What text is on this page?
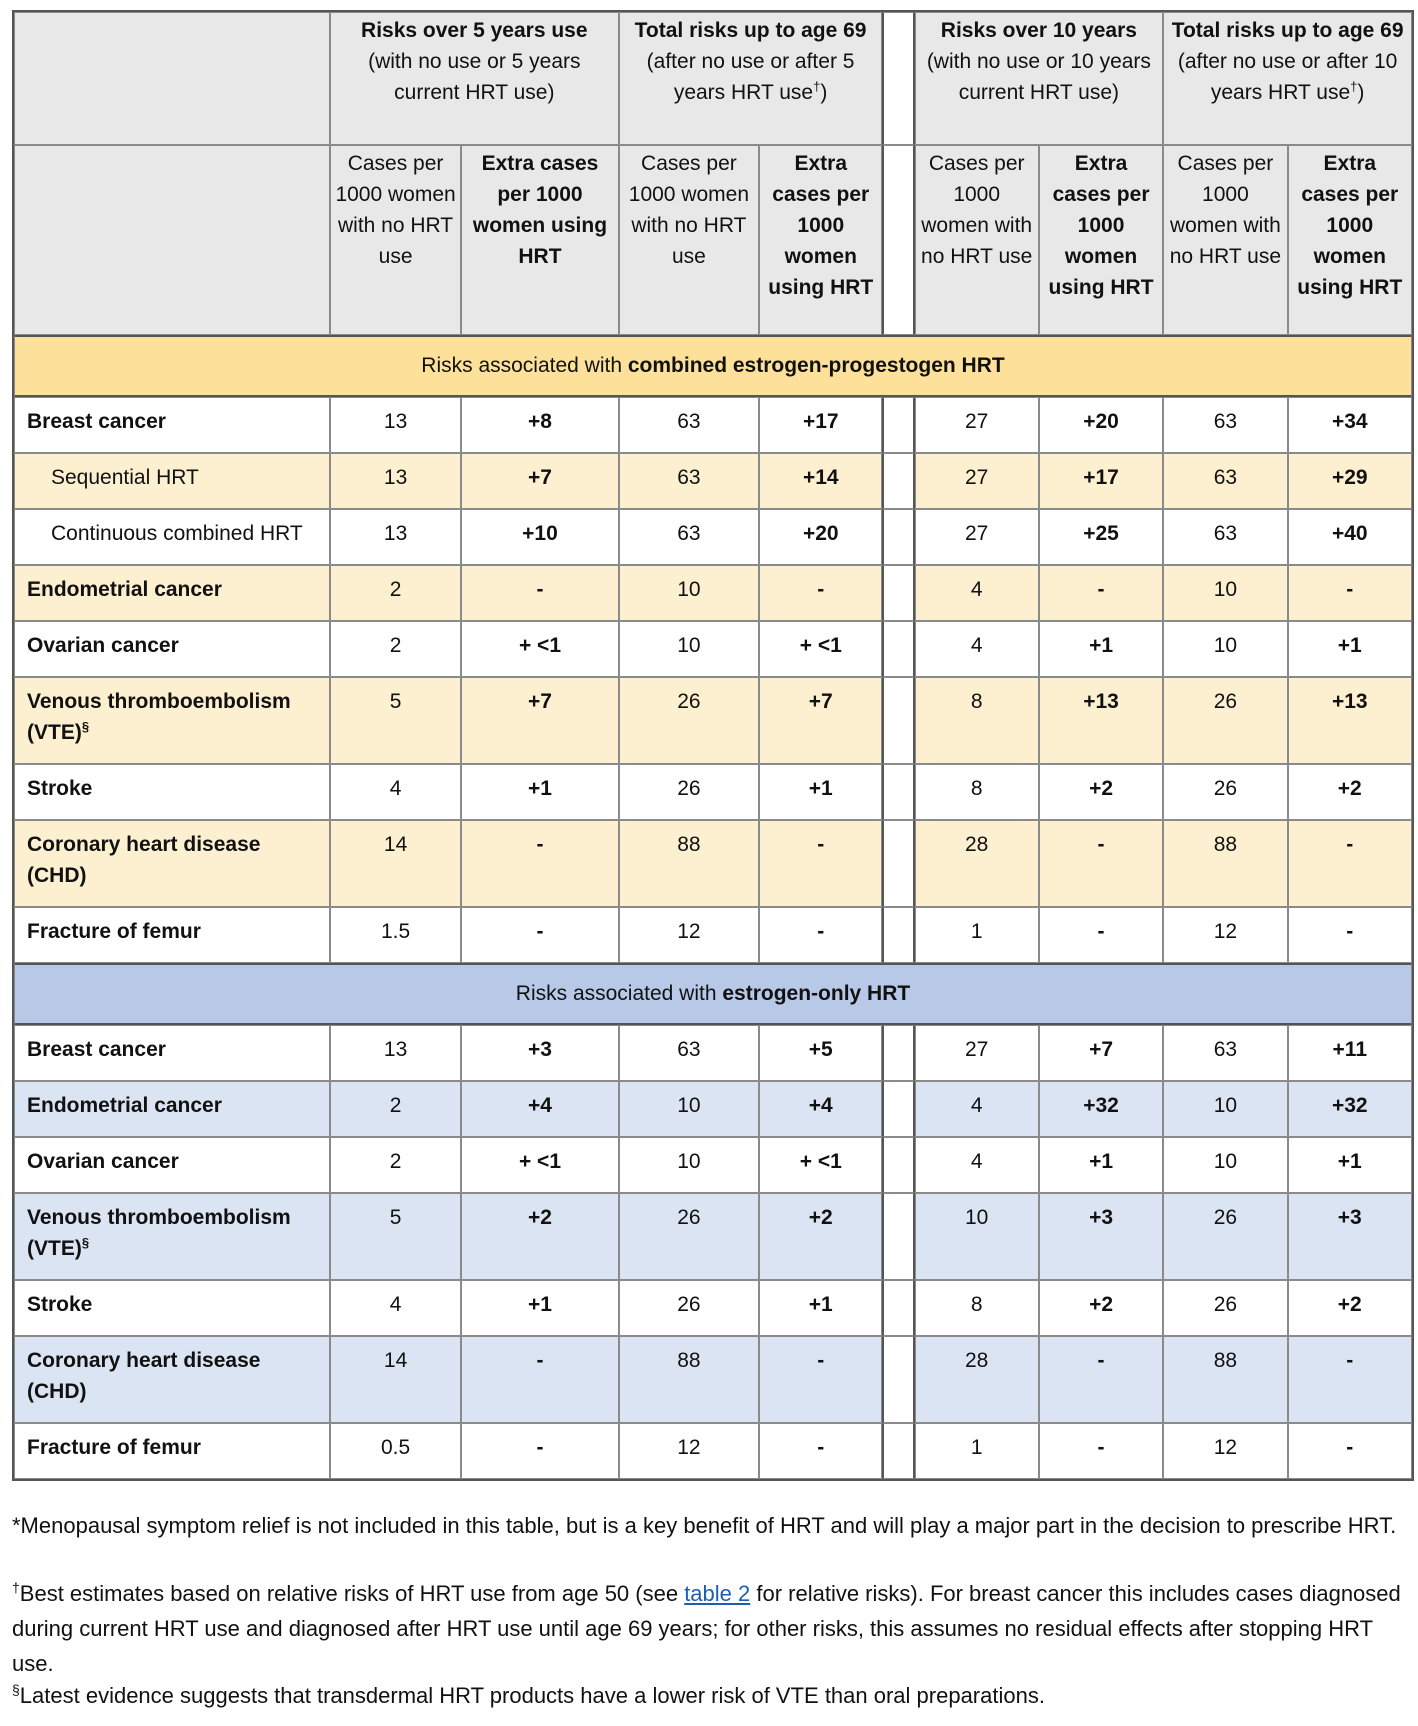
	Risks over 5 years use
(with no use or 5 years current HRT use)		Total risks up to age 69
(after no use or after 5 years HRT use†)			Risks over 10 years
(with no use or 10 years current HRT use)		Total risks up to age 69
(after no use or after 10 years HRT use†)	
	Cases per 1000 women with no HRT use	Extra cases per 1000 women using HRT	Cases per 1000 women with no HRT use	Extra cases per 1000 women using HRT		Cases per 1000 women with no HRT use	Extra cases per 1000 women using HRT	Cases per 1000 women with no HRT use	Extra cases per 1000 women using HRT
Risks associated with combined estrogen-progestogen HRT									
Breast cancer	13	+8	63	+17		27	+20	63	+34
Sequential HRT	13	+7	63	+14		27	+17	63	+29
Continuous combined HRT	13	+10	63	+20		27	+25	63	+40
Endometrial cancer	2	-	10	-		4	-	10	-
Ovarian cancer	2	+ <1	10	+ <1		4	+1	10	+1
Venous thromboembolism (VTE)§	5	+7	26	+7		8	+13	26	+13
Stroke	4	+1	26	+1		8	+2	26	+2
Coronary heart disease (CHD)	14	-	88	-		28	-	88	-
Fracture of femur	1.5	-	12	-		1	-	12	-
Risks associated with estrogen-only HRT									
Breast cancer	13	+3	63	+5		27	+7	63	+11
Endometrial cancer	2	+4	10	+4		4	+32	10	+32
Ovarian cancer	2	+ <1	10	+ <1		4	+1	10	+1
Venous thromboembolism (VTE)§	5	+2	26	+2		10	+3	26	+3
Stroke	4	+1	26	+1		8	+2	26	+2
Coronary heart disease (CHD)	14	-	88	-		28	-	88	-
Fracture of femur	0.5	-	12	-		1	-	12	-

*Menopausal symptom relief is not included in this table, but is a key benefit of HRT and will play a major part in the decision to prescribe HRT.

†Best estimates based on relative risks of HRT use from age 50 (see table 2 for relative risks). For breast cancer this includes cases diagnosed during current HRT use and diagnosed after HRT use until age 69 years; for other risks, this assumes no residual effects after stopping HRT use.

§Latest evidence suggests that transdermal HRT products have a lower risk of VTE than oral preparations.
